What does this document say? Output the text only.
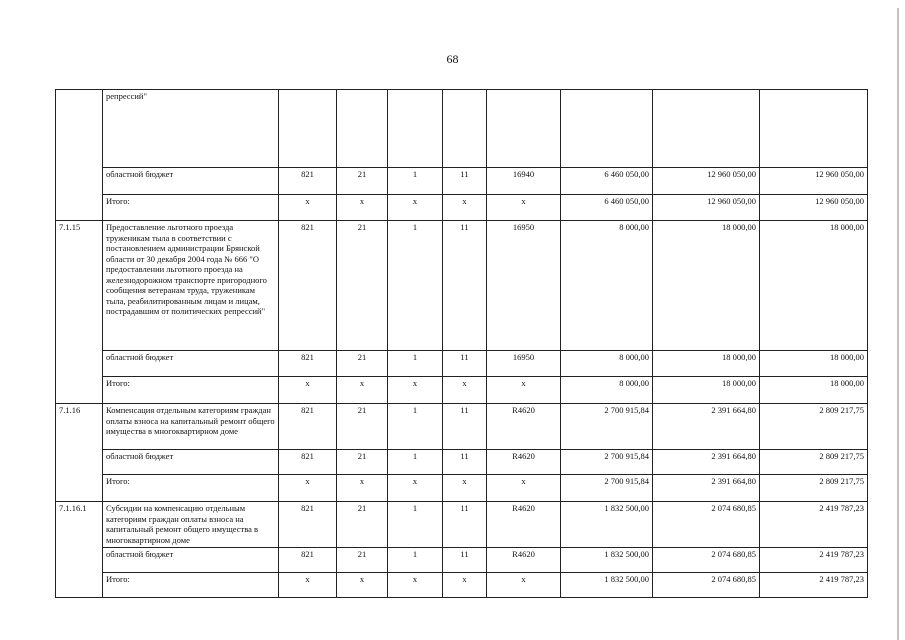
68
	репрессий"								
	областной бюджет	821	21	1	11	16940	6 460 050,00	12 960 050,00	12 960 050,00
	Итого:	x	x	x	x	x	6 460 050,00	12 960 050,00	12 960 050,00
7.1.15	Предоставление льготного проезда труженикам тыла в соответствии с постановлением администрации Брянской области от 30 декабря 2004 года № 666 "О предоставлении льготного проезда на железнодорожном транспорте пригородного сообщения ветеранам труда, труженикам тыла, реабилитированным лицам и лицам, пострадавшим от политических репрессий"	821	21	1	11	16950	8 000,00	18 000,00	18 000,00
	областной бюджет	821	21	1	11	16950	8 000,00	18 000,00	18 000,00
	Итого:	x	x	x	x	x	8 000,00	18 000,00	18 000,00
7.1.16	Компенсация отдельным категориям граждан оплаты взноса на капитальный ремонт общего имущества в многоквартирном доме	821	21	1	11	R4620	2 700 915,84	2 391 664,80	2 809 217,75
	областной бюджет	821	21	1	11	R4620	2 700 915,84	2 391 664,80	2 809 217,75
	Итого:	x	x	x	x	x	2 700 915,84	2 391 664,80	2 809 217,75
7.1.16.1	Субсидии на компенсацию отдельным категориям граждан оплаты взноса на капитальный ремонт общего имущества в многоквартирном доме	821	21	1	11	R4620	1 832 500,00	2 074 680,85	2 419 787,23
	областной бюджет	821	21	1	11	R4620	1 832 500,00	2 074 680,85	2 419 787,23
	Итого:	x	x	x	x	x	1 832 500,00	2 074 680,85	2 419 787,23
